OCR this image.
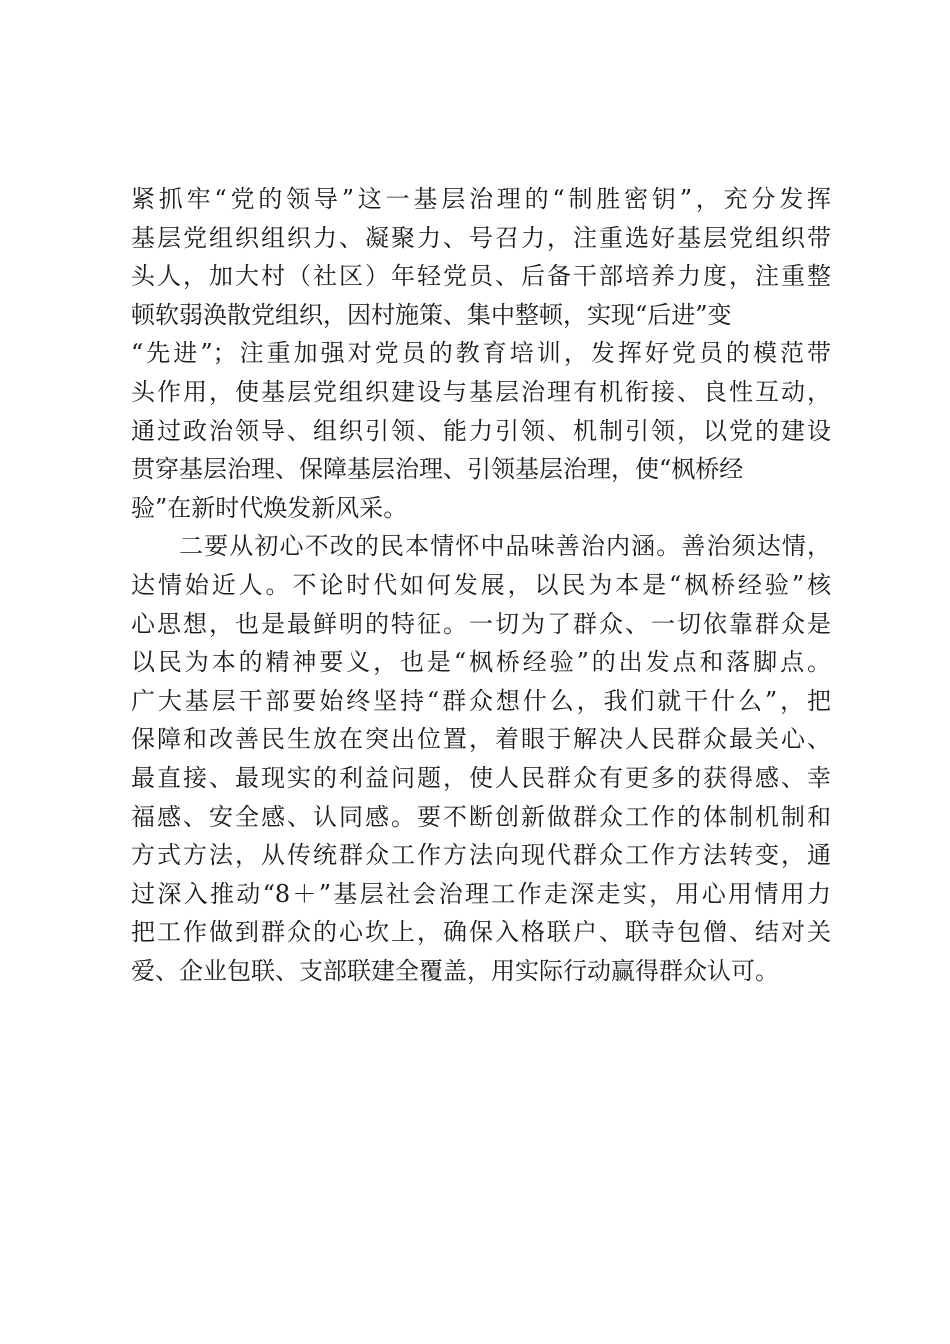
紧抓牢“党的领导”这一基层治理的“制胜密钥”，充分发挥
基层党组织组织力、凝聚力、号召力，注重选好基层党组织带
头人，加大村（社区）年轻党员、后备干部培养力度，注重整
顿软弱涣散党组织，因村施策、集中整顿，实现“后进”变
“先进”；注重加强对党员的教育培训，发挥好党员的模范带
头作用，使基层党组织建设与基层治理有机衔接、良性互动，
通过政治领导、组织引领、能力引领、机制引领，以党的建设
贯穿基层治理、保障基层治理、引领基层治理，使“枫桥经
验”在新时代焕发新风采。
二要从初心不改的民本情怀中品味善治内涵。善治须达情，
达情始近人。不论时代如何发展，以民为本是“枫桥经验”核
心思想，也是最鲜明的特征。一切为了群众、一切依靠群众是
以民为本的精神要义，也是“枫桥经验”的出发点和落脚点。
广大基层干部要始终坚持“群众想什么，我们就干什么”，把
保障和改善民生放在突出位置，着眼于解决人民群众最关心、
最直接、最现实的利益问题，使人民群众有更多的获得感、幸
福感、安全感、认同感。要不断创新做群众工作的体制机制和
方式方法，从传统群众工作方法向现代群众工作方法转变，通
过深入推动“8＋”基层社会治理工作走深走实，用心用情用力
把工作做到群众的心坎上，确保入格联户、联寺包僧、结对关
爱、企业包联、支部联建全覆盖，用实际行动赢得群众认可。
